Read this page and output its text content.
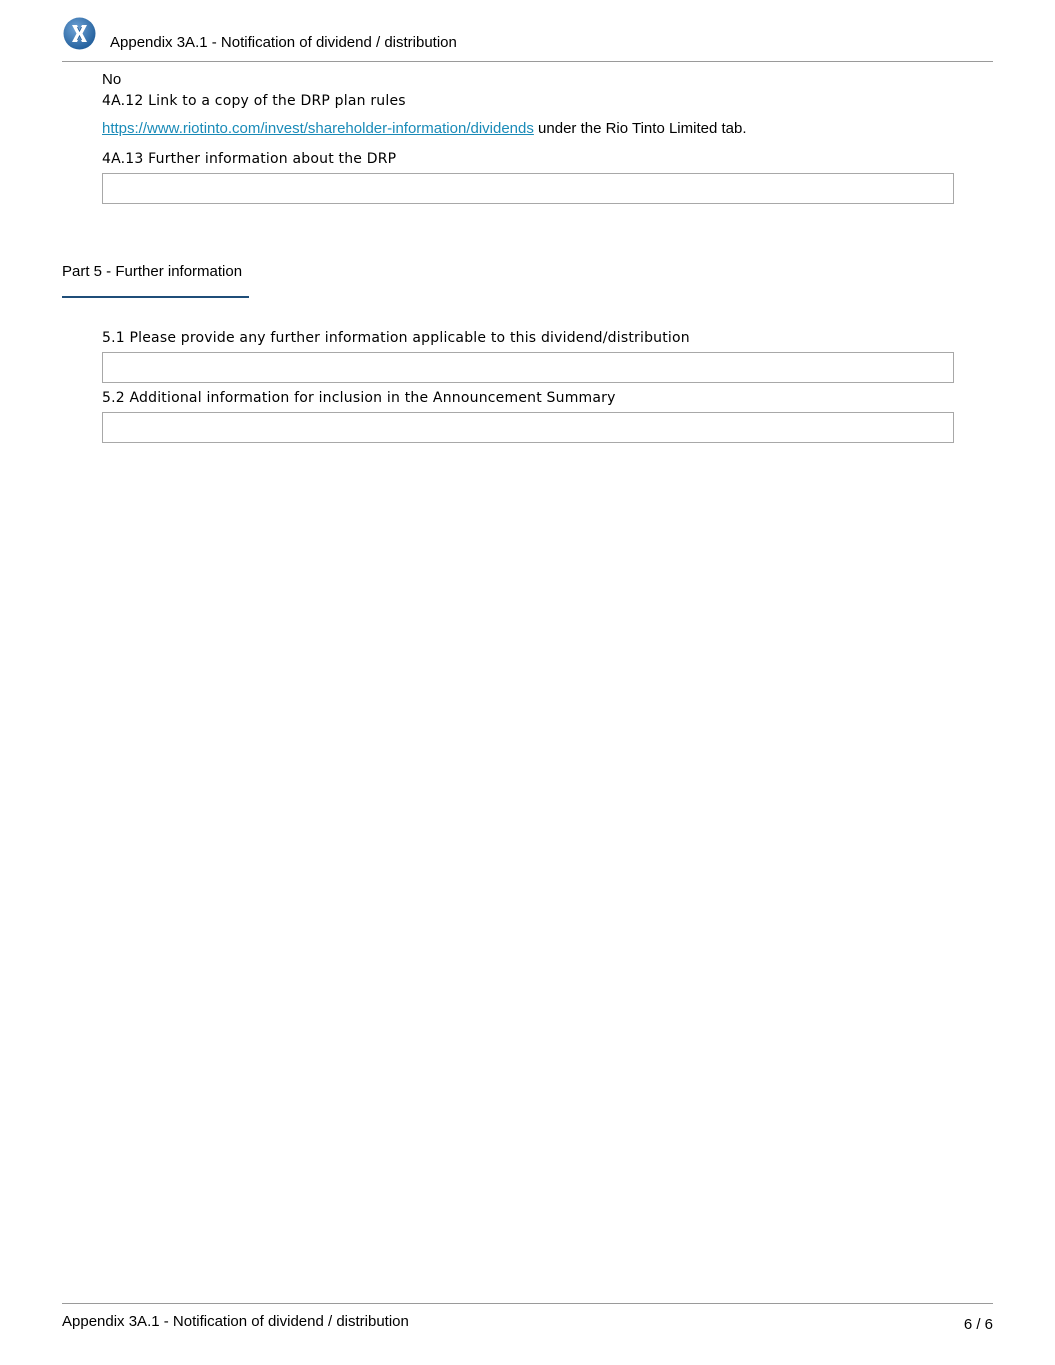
Appendix 3A.1 - Notification of dividend / distribution
No
4A.12 Link to a copy of the DRP plan rules
https://www.riotinto.com/invest/shareholder-information/dividends under the Rio Tinto Limited tab.
4A.13 Further information about the DRP
Part 5 - Further information
5.1 Please provide any further information applicable to this dividend/distribution
5.2 Additional information for inclusion in the Announcement Summary
Appendix 3A.1 - Notification of dividend / distribution	6 / 6
